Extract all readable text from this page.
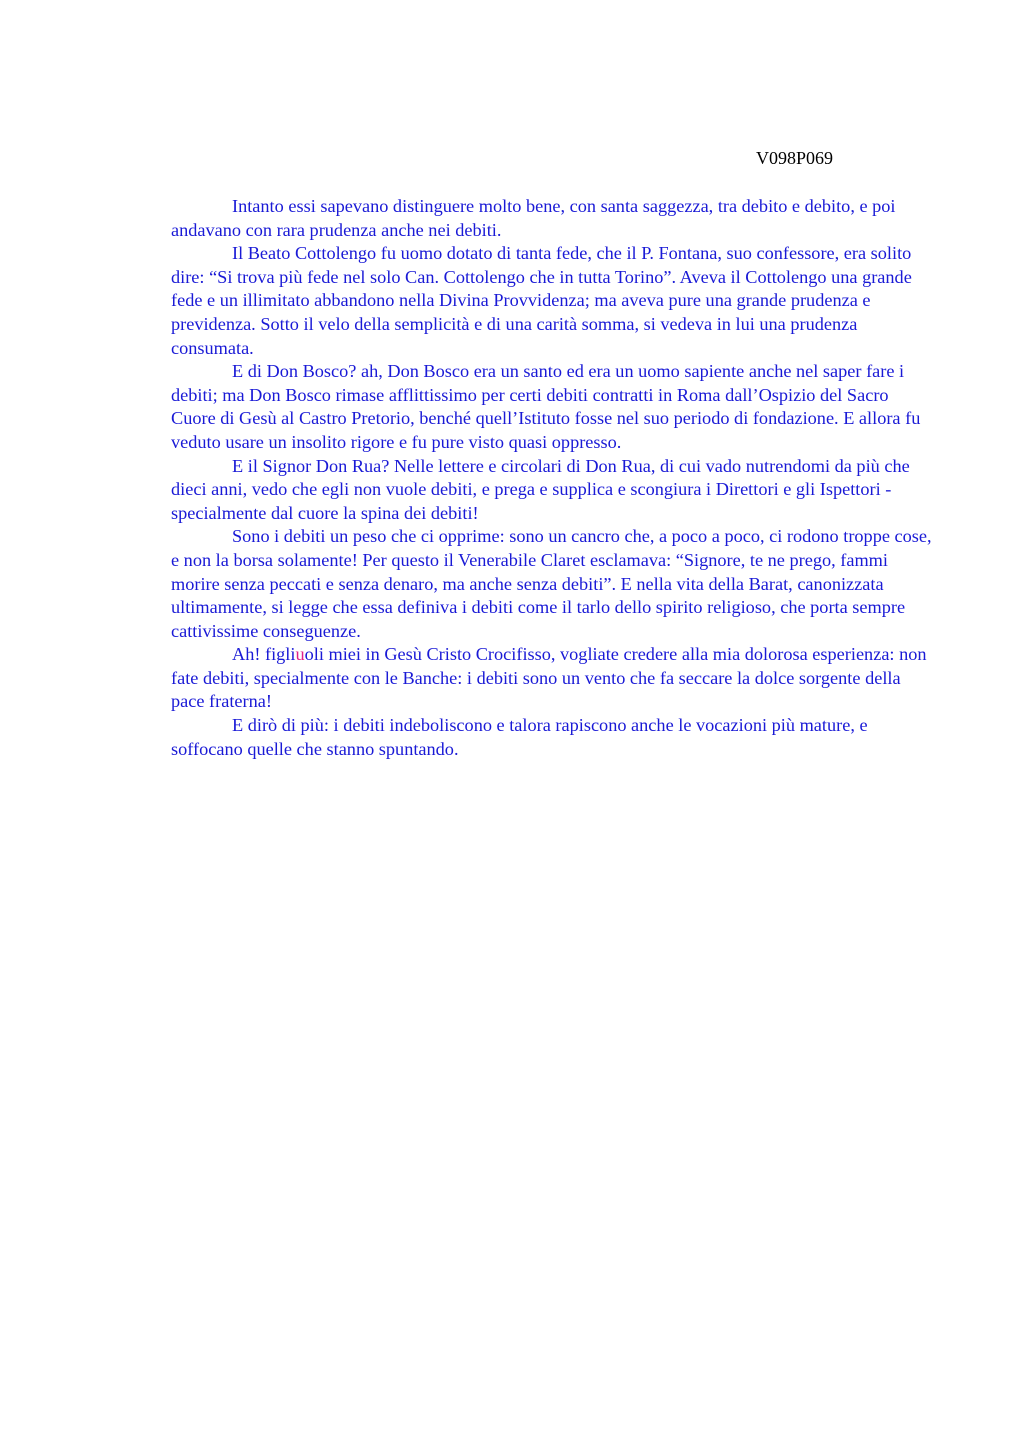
V098P069

Intanto essi sapevano distinguere molto bene, con santa saggezza, tra debito e debito, e poi andavano con rara prudenza anche nei debiti.

Il Beato Cottolengo fu uomo dotato di tanta fede, che il P. Fontana, suo confessore, era solito dire: “Si trova più fede nel solo Can. Cottolengo che in tutta Torino”. Aveva il Cottolengo una grande fede e un illimitato abbandono nella Divina Provvidenza; ma aveva pure una grande prudenza e previdenza. Sotto il velo della semplicità e di una carità somma, si vedeva in lui una prudenza consumata.

E di Don Bosco? ah, Don Bosco era un santo ed era un uomo sapiente anche nel saper fare i debiti; ma Don Bosco rimase afflittissimo per certi debiti contratti in Roma dall’Ospizio del Sacro Cuore di Gesù al Castro Pretorio, benché quell’Istituto fosse nel suo periodo di fondazione. E allora fu veduto usare un insolito rigore e fu pure visto quasi oppresso.

E il Signor Don Rua? Nelle lettere e circolari di Don Rua, di cui vado nutrendomi da più che dieci anni, vedo che egli non vuole debiti, e prega e supplica e scongiura i Direttori e gli Ispettori - specialmente dal cuore la spina dei debiti!

Sono i debiti un peso che ci opprime: sono un cancro che, a poco a poco, ci rodono troppe cose, e non la borsa solamente! Per questo il Venerabile Claret esclamava: “Signore, te ne prego, fammi morire senza peccati e senza denaro, ma anche senza debiti”. E nella vita della Barat, canonizzata ultimamente, si legge che essa definiva i debiti come il tarlo dello spirito religioso, che porta sempre cattivissime conseguenze.

Ah! figliuoli miei in Gesù Cristo Crocifisso, vogliate credere alla mia dolorosa esperienza: non fate debiti, specialmente con le Banche: i debiti sono un vento che fa seccare la dolce sorgente della pace fraterna!

E dirò di più: i debiti indeboliscono e talora rapiscono anche le vocazioni più mature, e soffocano quelle che stanno spuntando.
